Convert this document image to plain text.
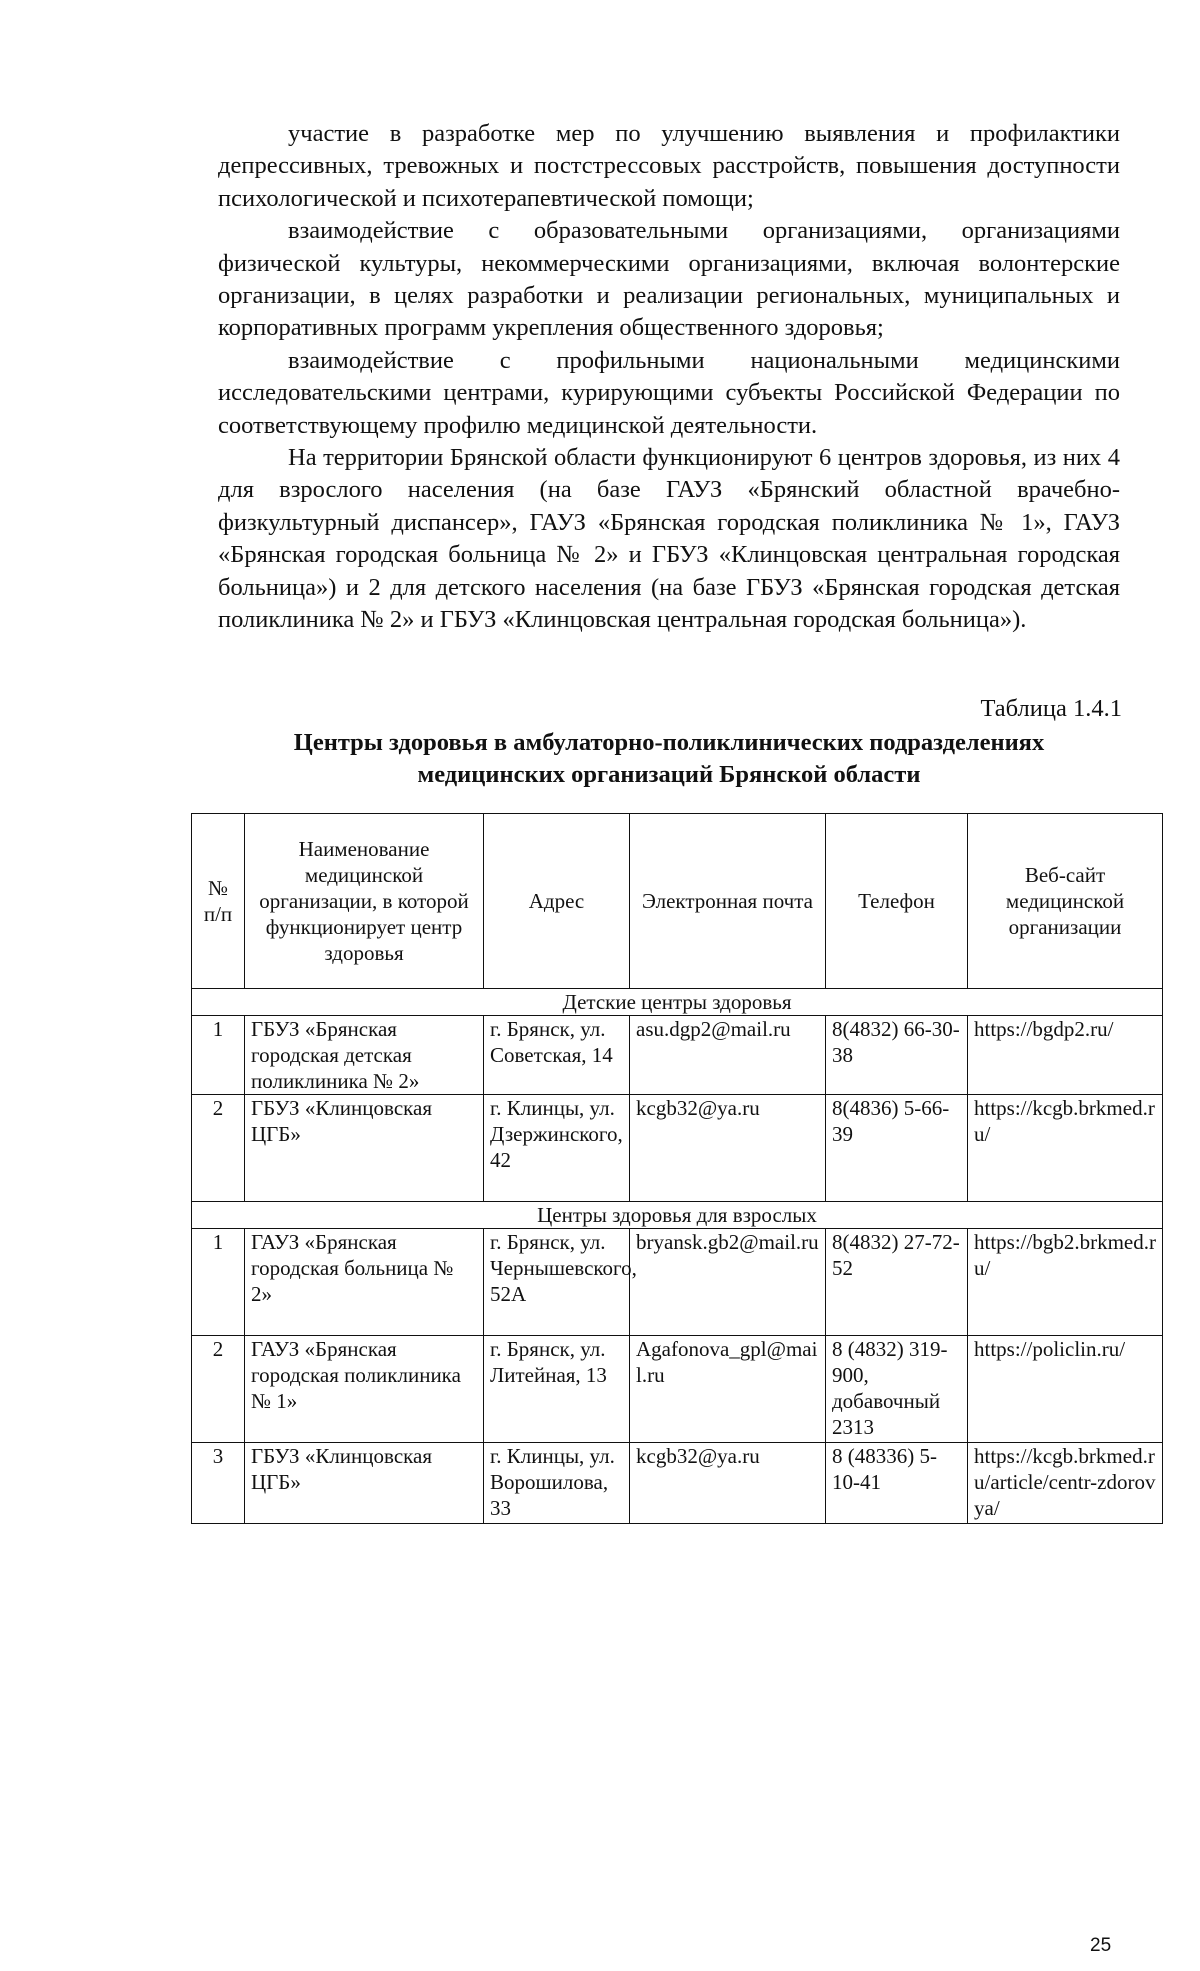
участие в разработке мер по улучшению выявления и профилактики депрессивных, тревожных и постстрессовых расстройств, повышения доступности психологической и психотерапевтической помощи;

взаимодействие с образовательными организациями, организациями физической культуры, некоммерческими организациями, включая волонтерские организации, в целях разработки и реализации региональных, муниципальных и корпоративных программ укрепления общественного здоровья;

взаимодействие с профильными национальными медицинскими исследовательскими центрами, курирующими субъекты Российской Федерации по соответствующему профилю медицинской деятельности.

На территории Брянской области функционируют 6 центров здоровья, из них 4 для взрослого населения (на базе ГАУЗ «Брянский областной врачебно-физкультурный диспансер», ГАУЗ «Брянская городская поликлиника № 1», ГАУЗ «Брянская городская больница № 2» и ГБУЗ «Клинцовская центральная городская больница») и 2 для детского населения (на базе ГБУЗ «Брянская городская детская поликлиника № 2» и ГБУЗ «Клинцовская центральная городская больница»).

Таблица 1.4.1
Центры здоровья в амбулаторно-поликлинических подразделениях медицинских организаций Брянской области
№ п/п	Наименование медицинской организации, в которой функционирует центр здоровья	Адрес	Электронная почта	Телефон	Веб-сайт медицинской организации
Детские центры здоровья					
1	ГБУЗ «Брянская городская детская поликлиника № 2»	г. Брянск, ул. Советская, 14	asu.dgp2@mail.ru	8(4832) 66-30-38	https://bgdp2.ru/
2	ГБУЗ «Клинцовская ЦГБ»	г. Клинцы, ул. Дзержинского, 42	kcgb32@ya.ru	8(4836) 5-66-39	https://kcgb.brkmed.ru/
Центры здоровья для взрослых					
1	ГАУЗ «Брянская городская больница № 2»	г. Брянск, ул. Чернышевского, 52А	bryansk.gb2@mail.ru	8(4832) 27-72-52	https://bgb2.brkmed.ru/
2	ГАУЗ «Брянская городская поликлиника № 1»	г. Брянск, ул. Литейная, 13	Agafonova_gpl@mail.ru	8 (4832) 319-900, добавочный 2313	https://policlin.ru/
3	ГБУЗ «Клинцовская ЦГБ»	г. Клинцы, ул. Ворошилова, 33	kcgb32@ya.ru	8 (48336) 5-10-41	https://kcgb.brkmed.ru/article/centr-zdorovya/
25
